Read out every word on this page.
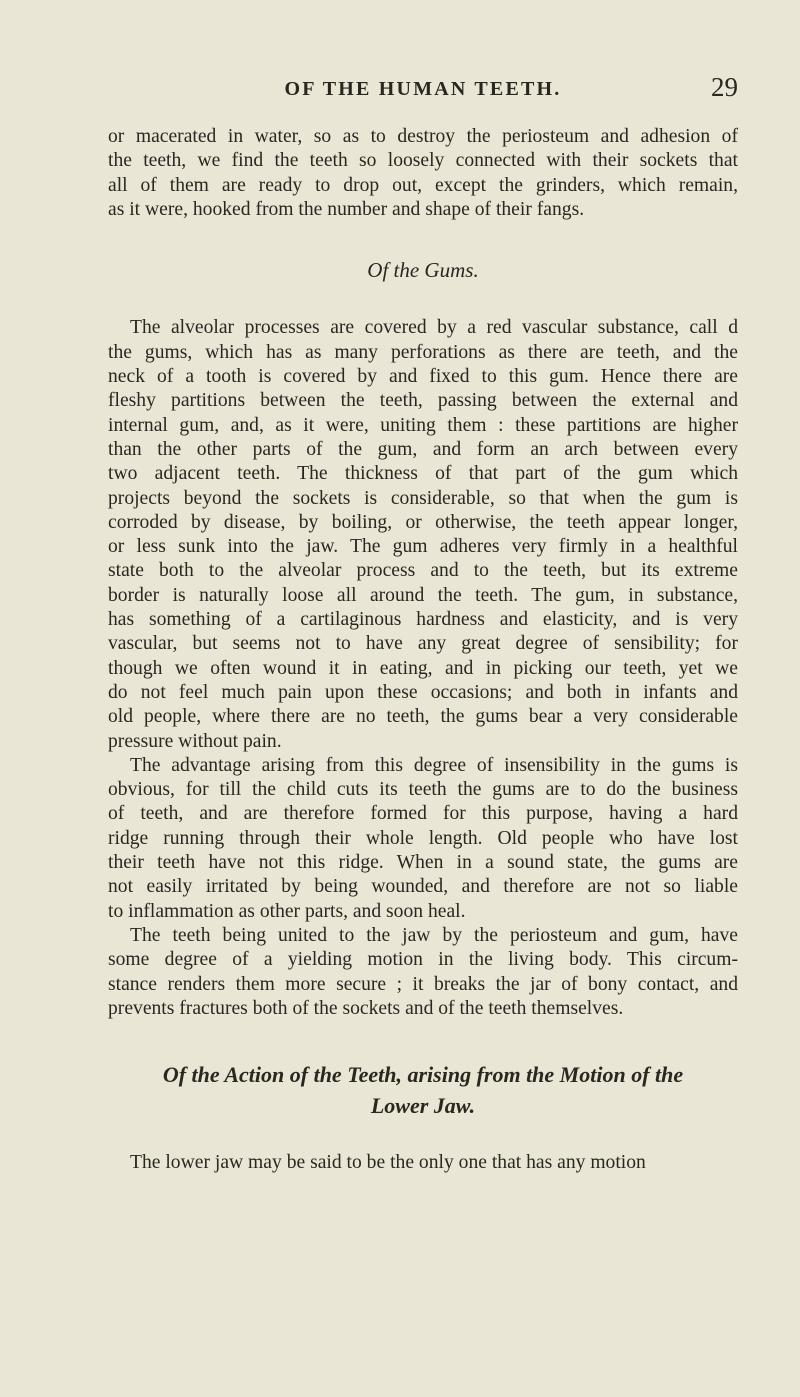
OF THE HUMAN TEETH.	29
or macerated in water, so as to destroy the periosteum and adhesion of
the teeth, we find the teeth so loosely connected with their sockets that
all of them are ready to drop out, except the grinders, which remain,
as it were, hooked from the number and shape of their fangs.
Of the Gums.
The alveolar processes are covered by a red vascular substance, call d
the gums, which has as many perforations as there are teeth, and the
neck of a tooth is covered by and fixed to this gum. Hence there are
fleshy partitions between the teeth, passing between the external and
internal gum, and, as it were, uniting them : these partitions are higher
than the other parts of the gum, and form an arch between every
two adjacent teeth. The thickness of that part of the gum which
projects beyond the sockets is considerable, so that when the gum is
corroded by disease, by boiling, or otherwise, the teeth appear longer,
or less sunk into the jaw. The gum adheres very firmly in a healthful
state both to the alveolar process and to the teeth, but its extreme
border is naturally loose all around the teeth. The gum, in substance,
has something of a cartilaginous hardness and elasticity, and is very
vascular, but seems not to have any great degree of sensibility; for
though we often wound it in eating, and in picking our teeth, yet we
do not feel much pain upon these occasions; and both in infants and
old people, where there are no teeth, the gums bear a very considerable
pressure without pain.
The advantage arising from this degree of insensibility in the gums is
obvious, for till the child cuts its teeth the gums are to do the business
of teeth, and are therefore formed for this purpose, having a hard
ridge running through their whole length. Old people who have lost
their teeth have not this ridge. When in a sound state, the gums are
not easily irritated by being wounded, and therefore are not so liable
to inflammation as other parts, and soon heal.
The teeth being united to the jaw by the periosteum and gum, have
some degree of a yielding motion in the living body. This circum-
stance renders them more secure ; it breaks the jar of bony contact, and
prevents fractures both of the sockets and of the teeth themselves.
Of the Action of the Teeth, arising from the Motion of the
Lower Jaw.
The lower jaw may be said to be the only one that has any motion
